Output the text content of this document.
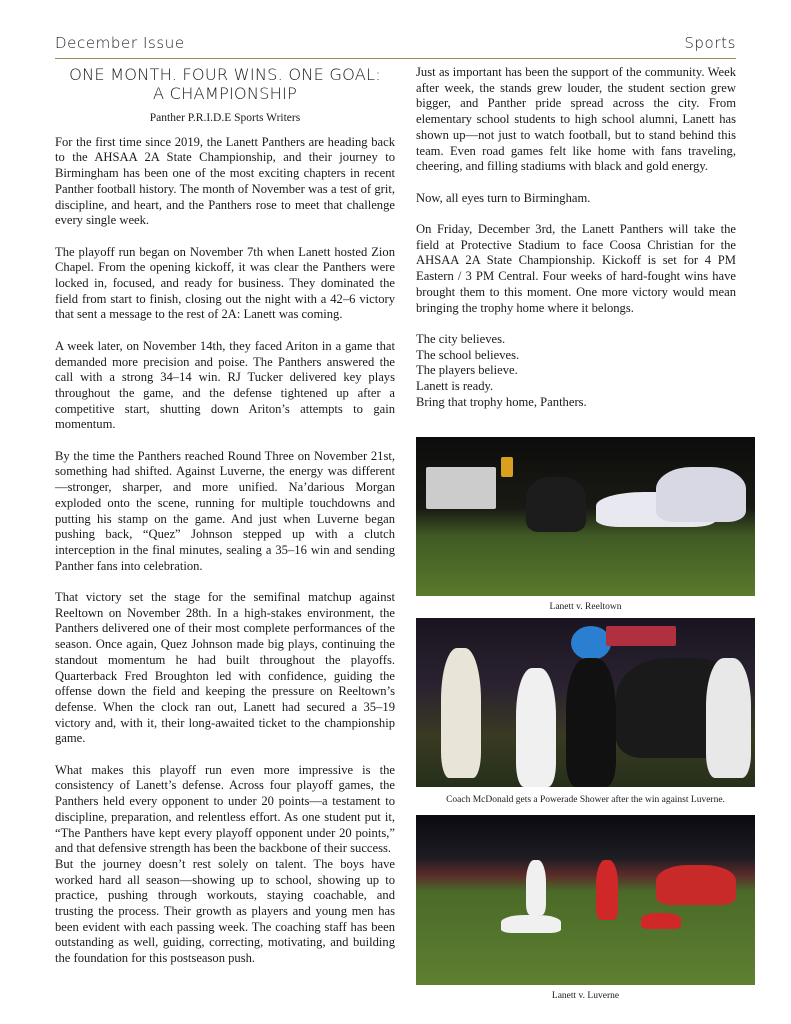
December Issue	Sports
ONE MONTH. FOUR WINS. ONE GOAL:
A CHAMPIONSHIP
Panther P.R.I.D.E Sports Writers

For the first time since 2019, the Lanett Panthers are heading back to the AHSAA 2A State Championship, and their journey to Birmingham has been one of the most exciting chapters in recent Panther football history. The month of November was a test of grit, discipline, and heart, and the Panthers rose to meet that challenge every single week.

The playoff run began on November 7th when Lanett hosted Zion Chapel. From the opening kickoff, it was clear the Panthers were locked in, focused, and ready for business. They dominated the field from start to finish, closing out the night with a 42–6 victory that sent a message to the rest of 2A: Lanett was coming.

A week later, on November 14th, they faced Ariton in a game that demanded more precision and poise. The Panthers answered the call with a strong 34–14 win. RJ Tucker delivered key plays throughout the game, and the defense tightened up after a competitive start, shutting down Ariton’s attempts to gain momentum.

By the time the Panthers reached Round Three on November 21st, something had shifted. Against Luverne, the energy was different—stronger, sharper, and more unified. Na’darious Morgan exploded onto the scene, running for multiple touchdowns and putting his stamp on the game. And just when Luverne began pushing back, “Quez” Johnson stepped up with a clutch interception in the final minutes, sealing a 35–16 win and sending Panther fans into celebration.

That victory set the stage for the semifinal matchup against Reeltown on November 28th. In a high-stakes environment, the Panthers delivered one of their most complete performances of the season. Once again, Quez Johnson made big plays, continuing the standout momentum he had built throughout the playoffs. Quarterback Fred Broughton led with confidence, guiding the offense down the field and keeping the pressure on Reeltown’s defense. When the clock ran out, Lanett had secured a 35–19 victory and, with it, their long-awaited ticket to the championship game.

What makes this playoff run even more impressive is the consistency of Lanett’s defense. Across four playoff games, the Panthers held every opponent to under 20 points—a testament to discipline, preparation, and relentless effort. As one student put it, “The Panthers have kept every playoff opponent under 20 points,” and that defensive strength has been the backbone of their success.

But the journey doesn’t rest solely on talent. The boys have worked hard all season—showing up to school, showing up to practice, pushing through workouts, staying coachable, and trusting the process. Their growth as players and young men has been evident with each passing week. The coaching staff has been outstanding as well, guiding, correcting, motivating, and building the foundation for this postseason push.

Just as important has been the support of the community. Week after week, the stands grew louder, the student section grew bigger, and Panther pride spread across the city. From elementary school students to high school alumni, Lanett has shown up—not just to watch football, but to stand behind this team. Even road games felt like home with fans traveling, cheering, and filling stadiums with black and gold energy.

Now, all eyes turn to Birmingham.

On Friday, December 3rd, the Lanett Panthers will take the field at Protective Stadium to face Coosa Christian for the AHSAA 2A State Championship. Kickoff is set for 4 PM Eastern / 3 PM Central. Four weeks of hard-fought wins have brought them to this moment. One more victory would mean bringing the trophy home where it belongs.

The city believes.
The school believes.
The players believe.
Lanett is ready.
Bring that trophy home, Panthers.
Lanett v. Reeltown
Coach McDonald gets a Powerade Shower after the win against Luverne.
Lanett v. Luverne
